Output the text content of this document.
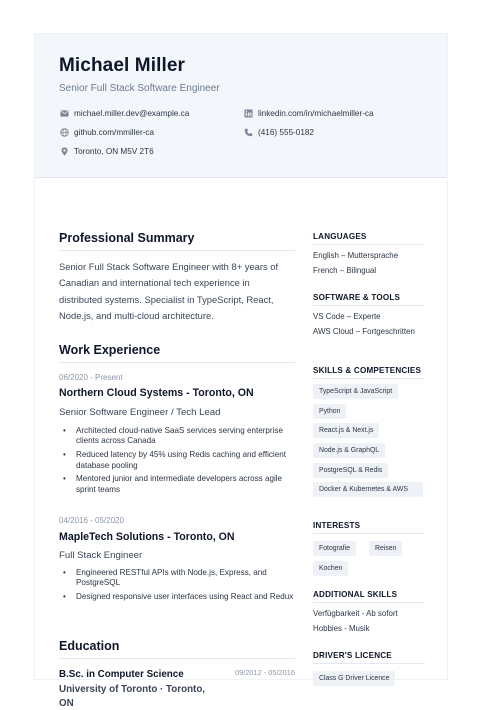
Michael Miller
Senior Full Stack Software Engineer
michael.miller.dev@example.ca	linkedin.com/in/michaelmiller-ca
github.com/mmiller-ca	(416) 555-0182
Toronto, ON M5V 2T6
Professional Summary

Senior Full Stack Software Engineer with 8+ years of Canadian and international tech experience in distributed systems. Specialist in TypeScript, React, Node.js, and multi-cloud architecture.

Work Experience
06/2020 - Present
Northern Cloud Systems - Toronto, ON
Senior Software Engineer / Tech Lead
• Architected cloud-native SaaS services serving enterprise clients across Canada
• Reduced latency by 45% using Redis caching and efficient database pooling
• Mentored junior and intermediate developers across agile sprint teams
04/2016 - 05/2020
MapleTech Solutions - Toronto, ON
Full Stack Engineer
• Engineered RESTful APIs with Node.js, Express, and PostgreSQL
• Designed responsive user interfaces using React and Redux
Education
B.Sc. in Computer Science	09/2012 - 05/2016
University of Toronto · Toronto, ON
LANGUAGES
English – Muttersprache
French – Bilingual
SOFTWARE & TOOLS
VS Code – Experte
AWS Cloud – Fortgeschritten
SKILLS & COMPETENCIES
TypeScript & JavaScript
Python
React.js & Next.js
Node.js & GraphQL
PostgreSQL & Redis
Docker & Kubernetes & AWS
INTERESTS
Fotografie	Reisen
Kochen
ADDITIONAL SKILLS
Verfügbarkeit - Ab sofort
Hobbies - Musik
DRIVER'S LICENCE
Class G Driver Licence
